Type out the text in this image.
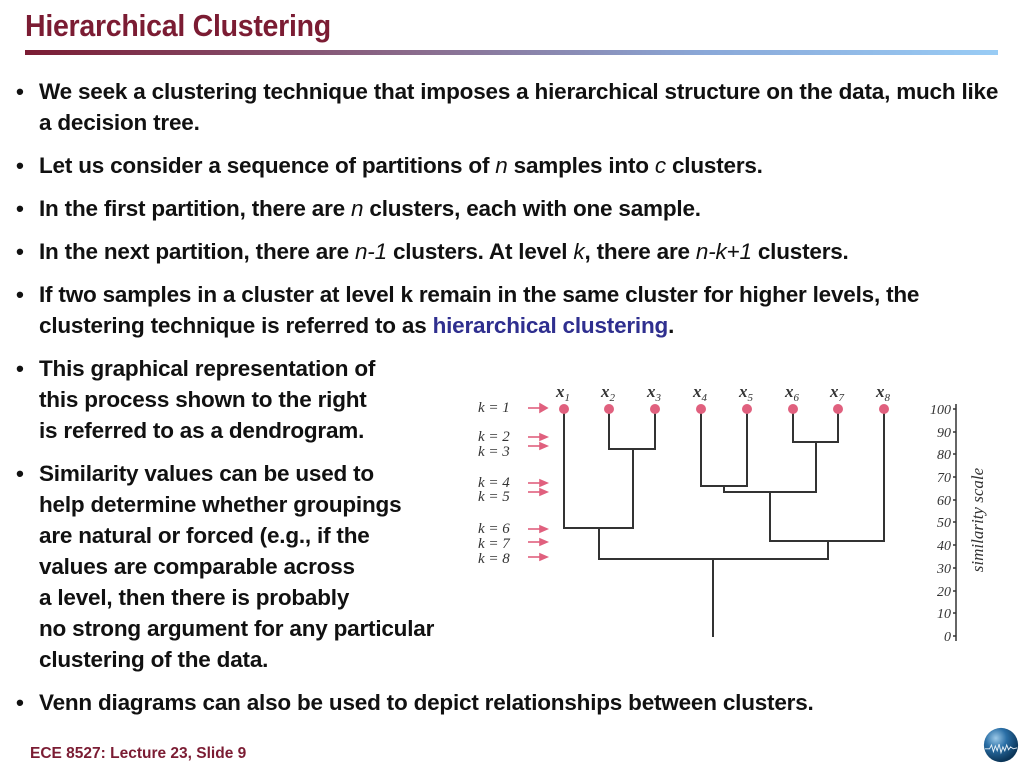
Hierarchical Clustering
• We seek a clustering technique that imposes a hierarchical structure on the data, much like a decision tree.
• Let us consider a sequence of partitions of n samples into c clusters.
• In the first partition, there are n clusters, each with one sample.
• In the next partition, there are n-1 clusters. At level k, there are n-k+1 clusters.
• If two samples in a cluster at level k remain in the same cluster for higher levels, the clustering technique is referred to as hierarchical clustering.
• This graphical representation of
this process shown to the right
is referred to as a dendrogram.
• Similarity values can be used to
help determine whether groupings
are natural or forced (e.g., if the
values are comparable across
a level, then there is probably
no strong argument for any particular
clustering of the data.
• Venn diagrams can also be used to depict relationships between clusters.
k = 1
k = 2
k = 3
k = 4
k = 5
k = 6
k = 7
k = 8
$x_1$ $x_2$ $x_3$ $x_4$ $x_5$ $x_6$ $x_7$ $x_8$
100
90
80
70
60
50
40
30
20
10
0
similarity scale
ECE 8527: Lecture 23, Slide 9
